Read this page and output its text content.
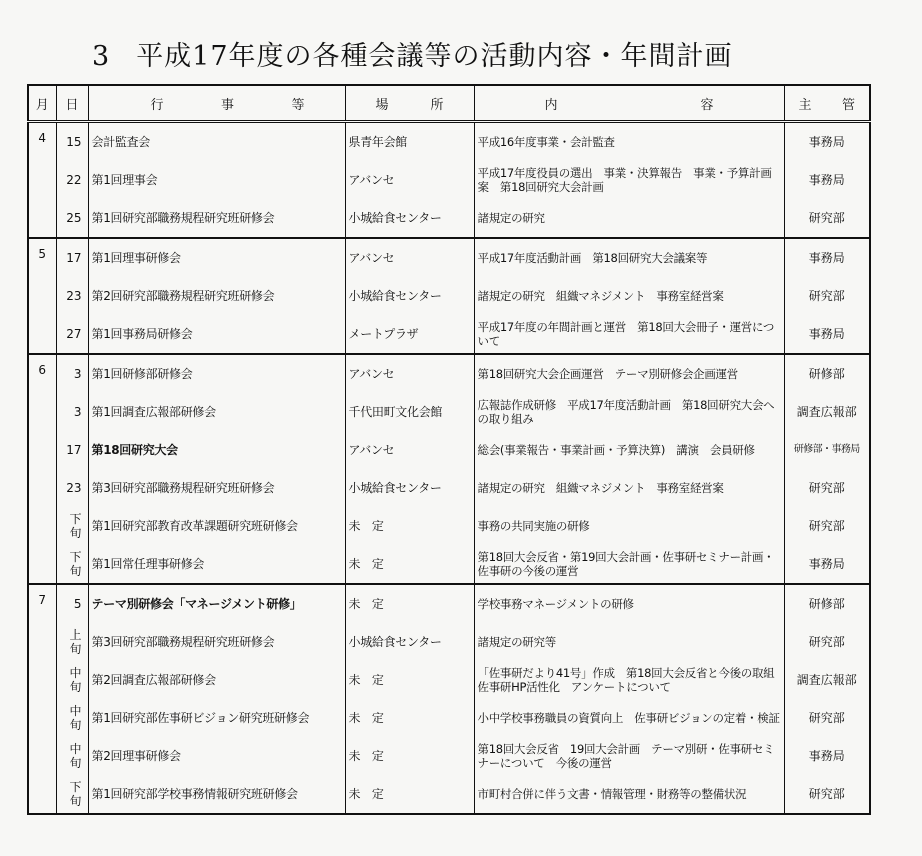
3 平成17年度の各種会議等の活動内容・年間計画
月	日	行 事 等	場 所	内 容	主 管

4	15	会計監査会	県青年会館	平成16年度事業・会計監査	事務局
	22	第1回理事会	アバンセ	平成17年度役員の選出　事業・決算報告　事業・予算計画案　第18回研究大会計画	事務局
	25	第1回研究部職務規程研究班研修会	小城給食センター	諸規定の研究	研究部
5	17	第1回理事研修会	アバンセ	平成17年度活動計画　第18回研究大会議案等	事務局
	23	第2回研究部職務規程研究班研修会	小城給食センター	諸規定の研究　組織マネジメント　事務室経営案	研究部
	27	第1回事務局研修会	メートプラザ	平成17年度の年間計画と運営　第18回大会冊子・運営について	事務局
6	3	第1回研修部研修会	アバンセ	第18回研究大会企画運営　テーマ別研修会企画運営	研修部
	3	第1回調査広報部研修会	千代田町文化会館	広報誌作成研修　平成17年度活動計画　第18回研究大会への取り組み	調査広報部
	17	第18回研究大会	アバンセ	総会(事業報告・事業計画・予算決算)　講演　会員研修	研修部・事務局
	23	第3回研究部職務規程研究班研修会	小城給食センター	諸規定の研究　組織マネジメント　事務室経営案	研究部
	下旬	第1回研究部教育改革課題研究班研修会	未　定	事務の共同実施の研修	研究部
	下旬	第1回常任理事研修会	未　定	第18回大会反省・第19回大会計画・佐事研セミナー計画・佐事研の今後の運営	事務局
7	5	テーマ別研修会「マネージメント研修」	未　定	学校事務マネージメントの研修	研修部
	上旬	第3回研究部職務規程研究班研修会	小城給食センター	諸規定の研究等	研究部
	中旬	第2回調査広報部研修会	未　定	「佐事研だより41号」作成　第18回大会反省と今後の取組　佐事研HP活性化　アンケートについて	調査広報部
	中旬	第1回研究部佐事研ビジョン研究班研修会	未　定	小中学校事務職員の資質向上　佐事研ビジョンの定着・検証	研究部
	中旬	第2回理事研修会	未　定	第18回大会反省　19回大会計画　テーマ別研・佐事研セミナーについて　今後の運営	事務局
	下旬	第1回研究部学校事務情報研究班研修会	未　定	市町村合併に伴う文書・情報管理・財務等の整備状況	研究部
